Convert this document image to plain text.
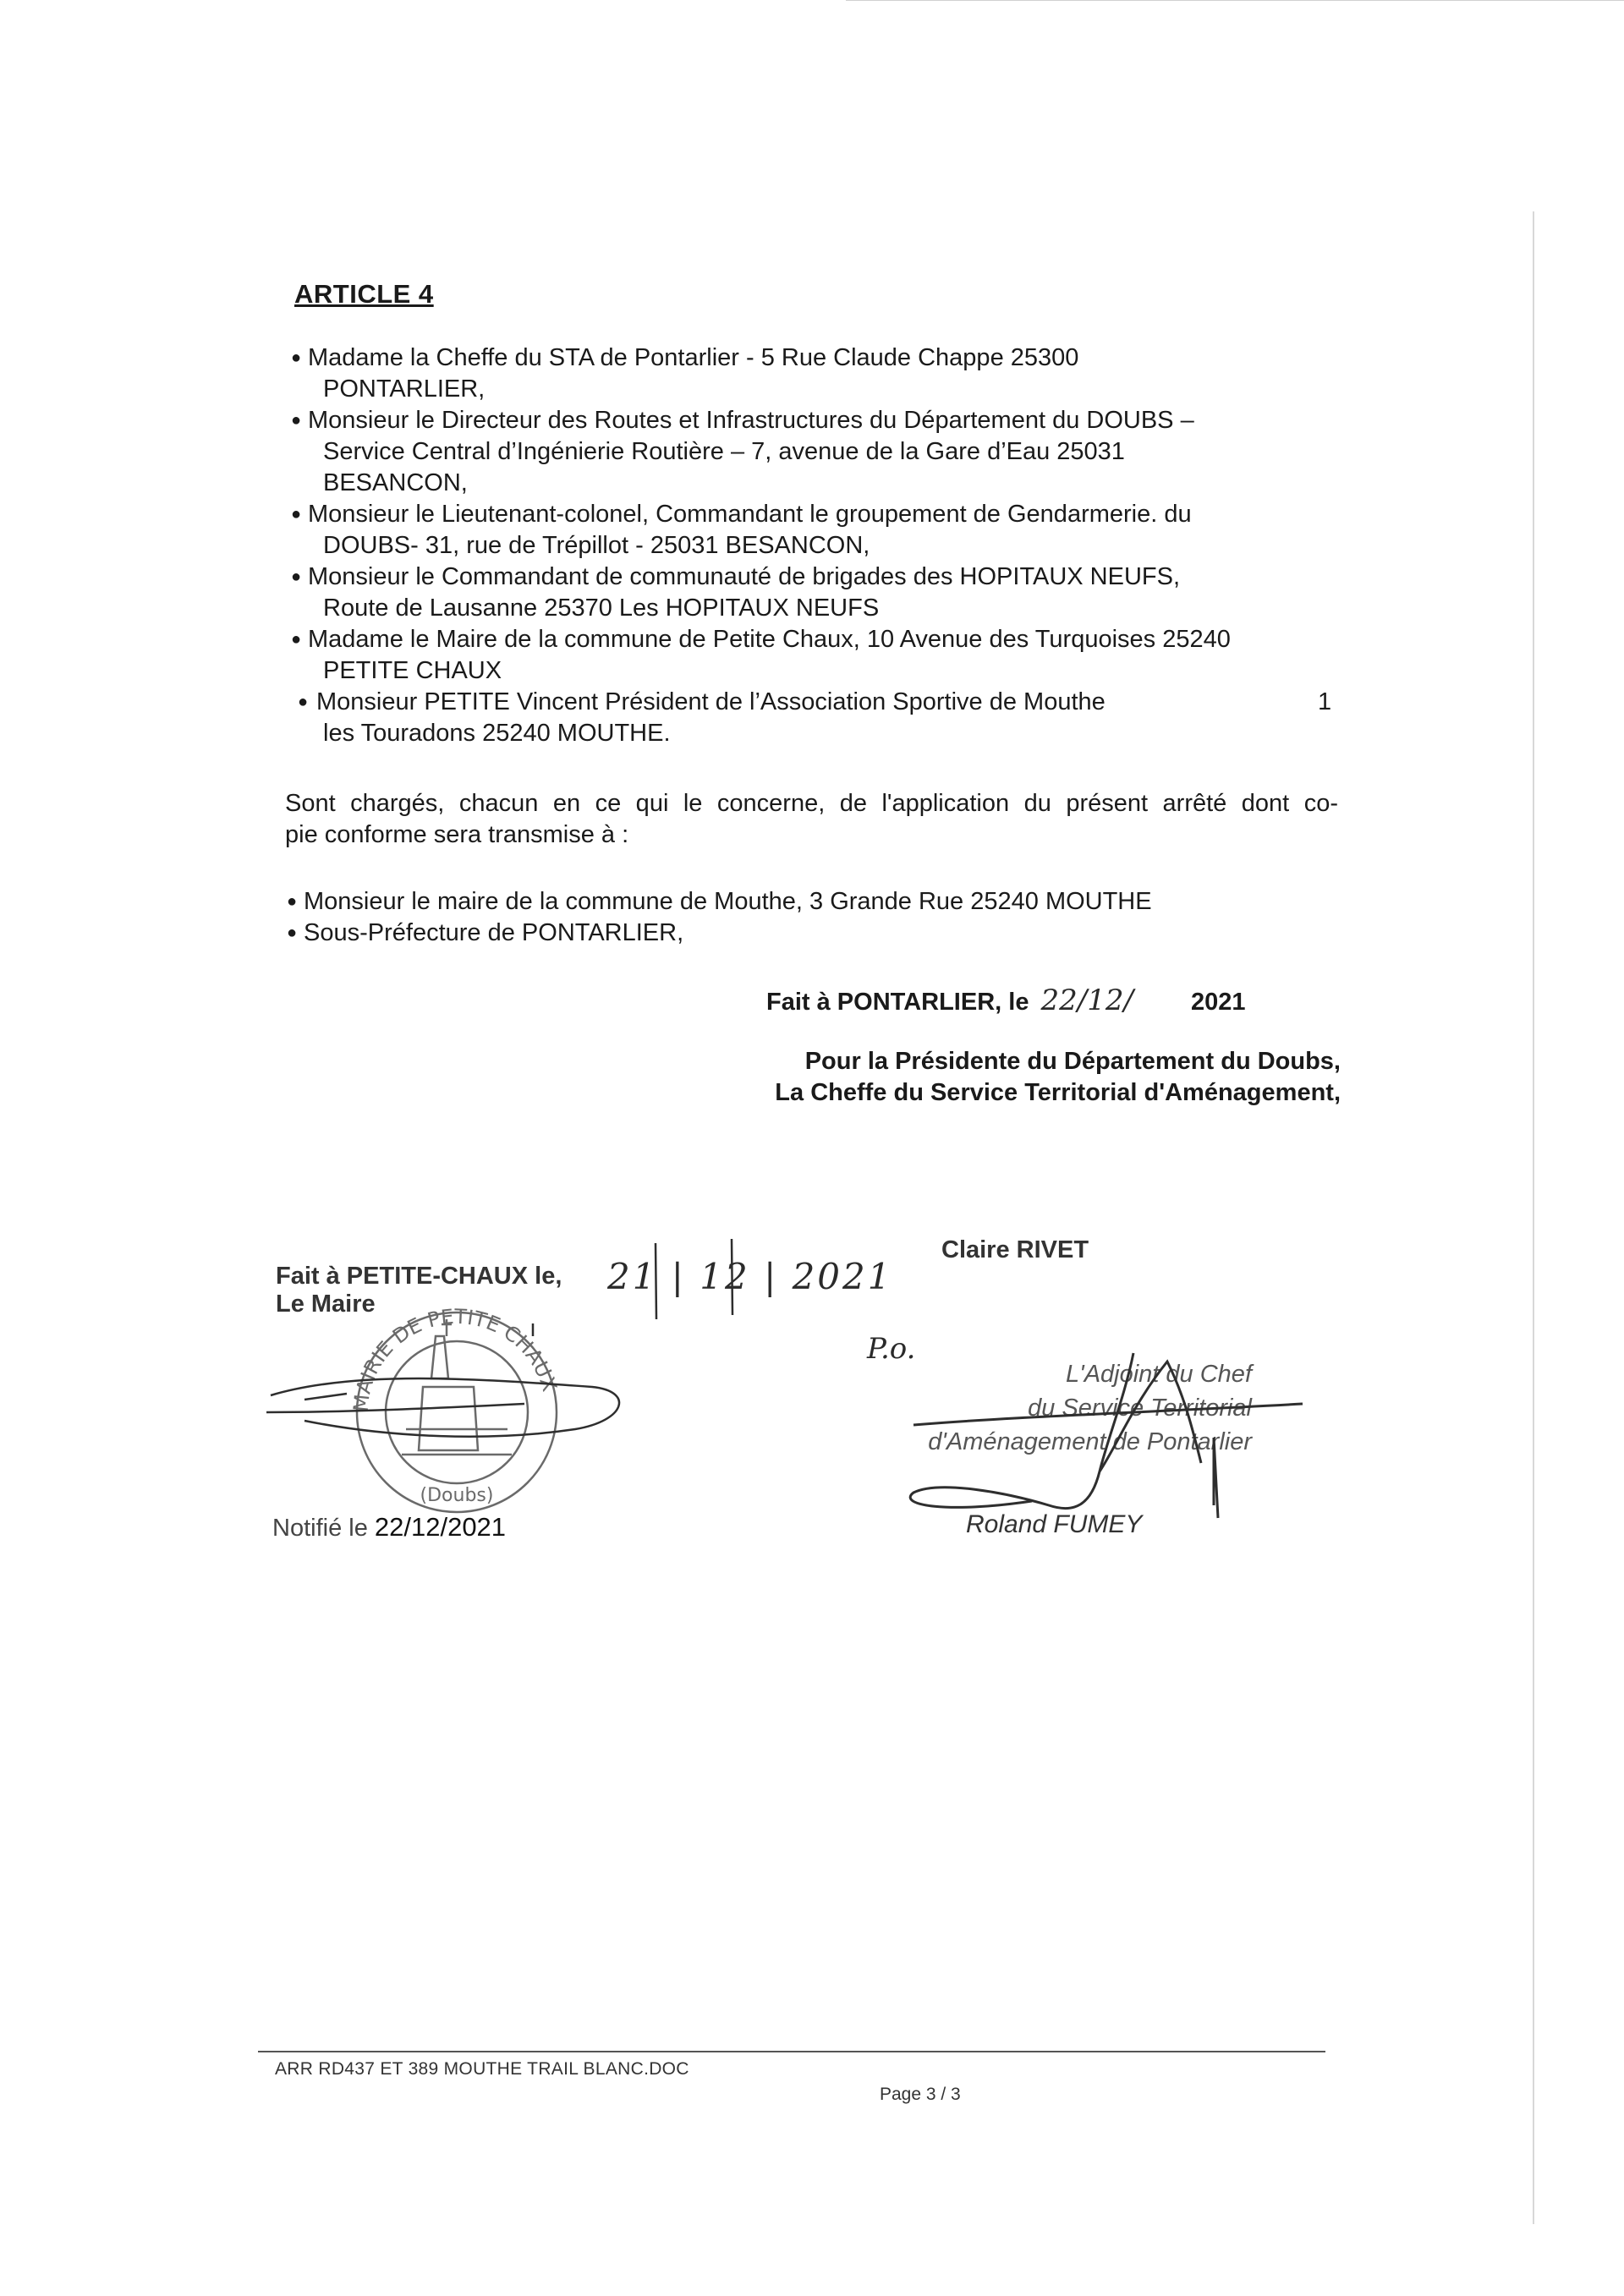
ARTICLE 4
● Madame la Cheffe du STA de Pontarlier - 5 Rue Claude Chappe 25300
PONTARLIER,
● Monsieur le Directeur des Routes et Infrastructures du Département du DOUBS –
Service Central d’Ingénierie Routière – 7, avenue de la Gare d’Eau 25031
BESANCON,
● Monsieur le Lieutenant-colonel, Commandant le groupement de Gendarmerie. du
DOUBS- 31, rue de Trépillot - 25031 BESANCON,
● Monsieur le Commandant de communauté de brigades des HOPITAUX NEUFS,
Route de Lausanne 25370 Les HOPITAUX NEUFS
● Madame le Maire de la commune de Petite Chaux, 10 Avenue des Turquoises 25240
PETITE CHAUX
● Monsieur PETITE Vincent Président de l’Association Sportive de Mouthe	1
les Touradons 25240 MOUTHE.
Sont chargés, chacun en ce qui le concerne, de l'application du présent arrêté dont co-
pie conforme sera transmise à :
● Monsieur le maire de la commune de Mouthe, 3 Grande Rue 25240 MOUTHE
● Sous-Préfecture de PONTARLIER,
Fait à PONTARLIER, le 22/12/ 2021
Pour la Présidente du Département du Doubs,
La Cheffe du Service Territorial d'Aménagement,
Claire RIVET
Fait à PETITE-CHAUX le,
Le Maire
21 | 12 | 2021
MAIRIE DE PETITE CHAUX
(Doubs)
P.o.
L'Adjoint du Chef
du Service Territorial
d'Aménagement de Pontarlier
Roland FUMEY
Notifié le 22/12/2021
ARR RD437 ET 389 MOUTHE TRAIL BLANC.DOC
Page 3 / 3
